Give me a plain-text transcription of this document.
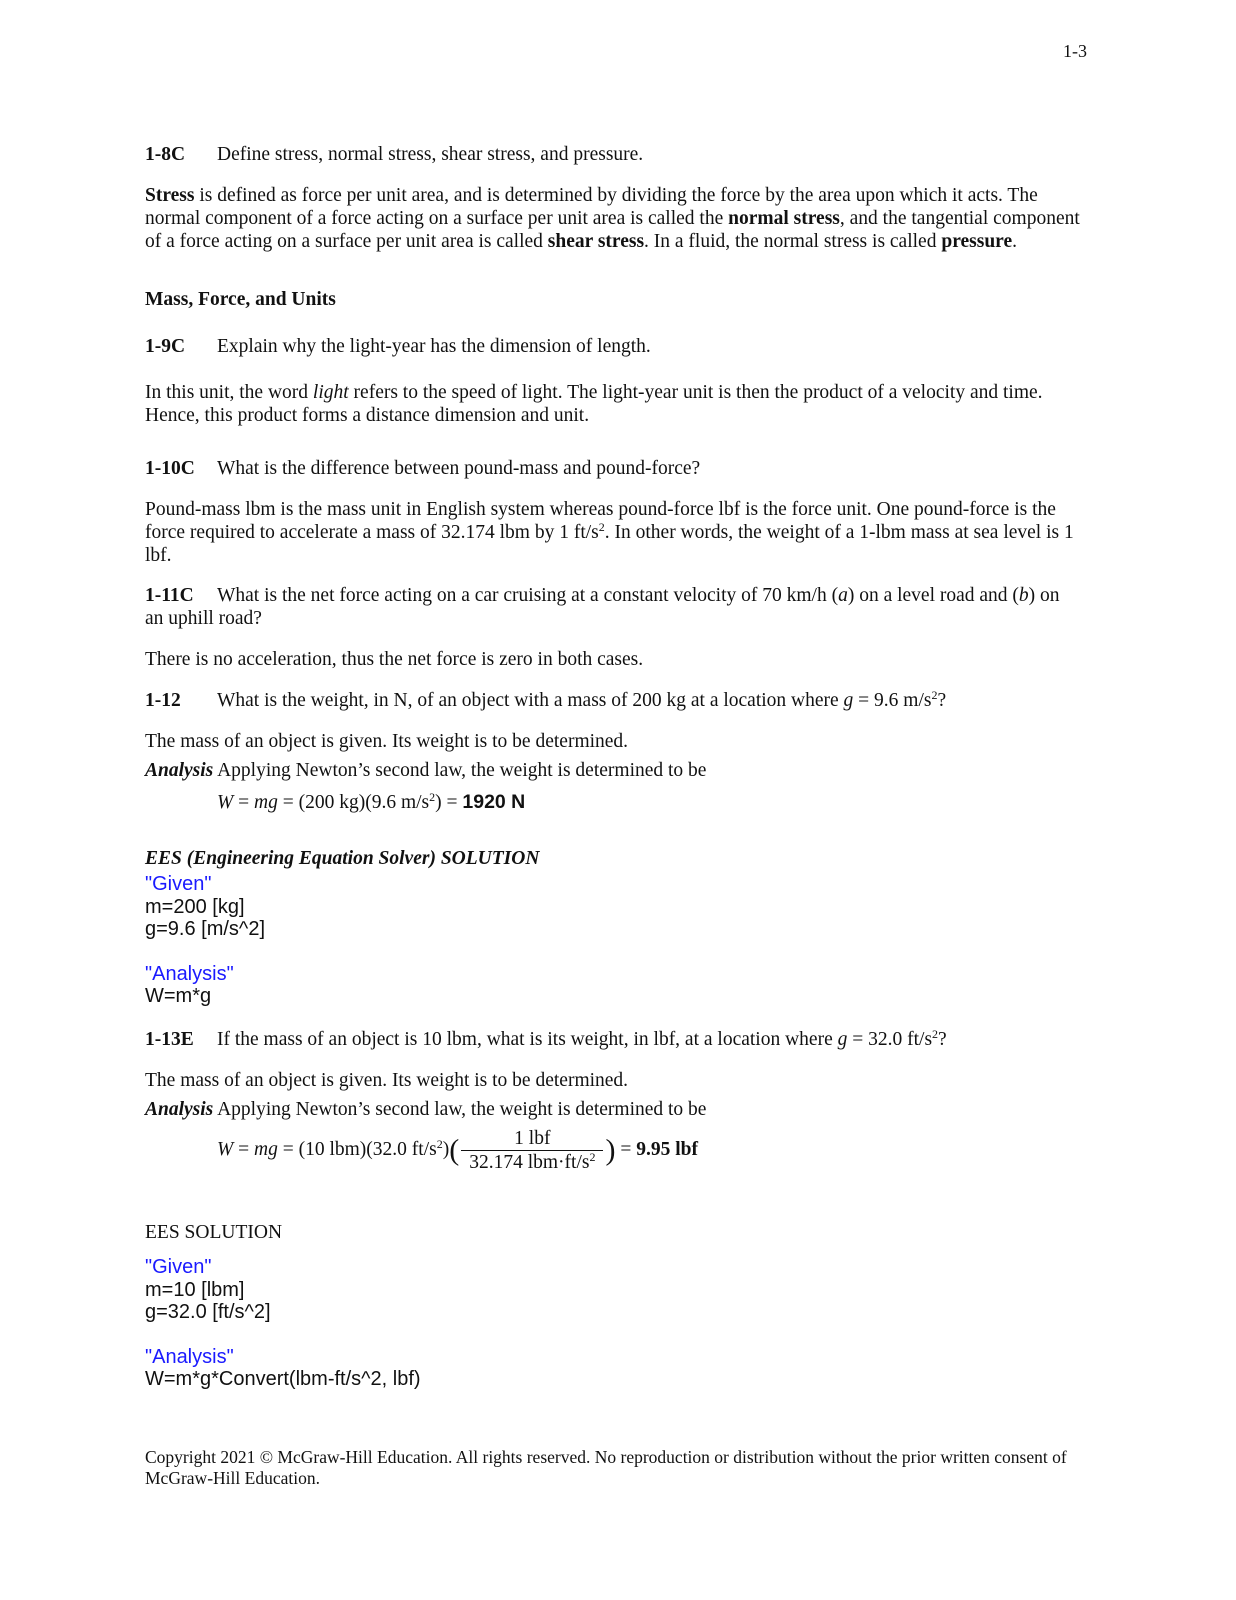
1-3
1-8C Define stress, normal stress, shear stress, and pressure.
Stress is defined as force per unit area, and is determined by dividing the force by the area upon which it acts. The normal component of a force acting on a surface per unit area is called the normal stress, and the tangential component of a force acting on a surface per unit area is called shear stress. In a fluid, the normal stress is called pressure.
Mass, Force, and Units
1-9C Explain why the light-year has the dimension of length.
In this unit, the word light refers to the speed of light. The light-year unit is then the product of a velocity and time. Hence, this product forms a distance dimension and unit.
1-10C What is the difference between pound-mass and pound-force?
Pound-mass lbm is the mass unit in English system whereas pound-force lbf is the force unit. One pound-force is the force required to accelerate a mass of 32.174 lbm by 1 $ft/s^2$. In other words, the weight of a 1-lbm mass at sea level is 1 lbf.
1-11C What is the net force acting on a car cruising at a constant velocity of 70 km/h (a) on a level road and (b) on an uphill road?
There is no acceleration, thus the net force is zero in both cases.
1-12 What is the weight, in N, of an object with a mass of 200 kg at a location where g = 9.6 $m/s^2$?
The mass of an object is given. Its weight is to be determined.
Analysis Applying Newton’s second law, the weight is determined to be
W = mg = (200 kg)(9.6 $m/s^2) = 1920$ N
EES (Engineering Equation Solver) SOLUTION
"Given"
m=200 [kg]
g=9.6 [m/s^2]
"Analysis"
W=m*g
1-13E If the mass of an object is 10 lbm, what is its weight, in lbf, at a location where g = 32.0 $ft/s^2$?
The mass of an object is given. Its weight is to be determined.
Analysis Applying Newton’s second law, the weight is determined to be
W = mg = (10 lbm)(32.0 $ft/s^2)( \frac{\text{1 lbf}}{32.174 lbm\cdot ft/s^2}$ ) = 9.95 lbf
EES SOLUTION
"Given"
m=10 [lbm]
g=32.0 [ft/s^2]
"Analysis"
W=m*g*Convert(lbm-ft/s^2, lbf)
Copyright 2021 © McGraw-Hill Education. All rights reserved. No reproduction or distribution without the prior written consent of McGraw-Hill Education.
